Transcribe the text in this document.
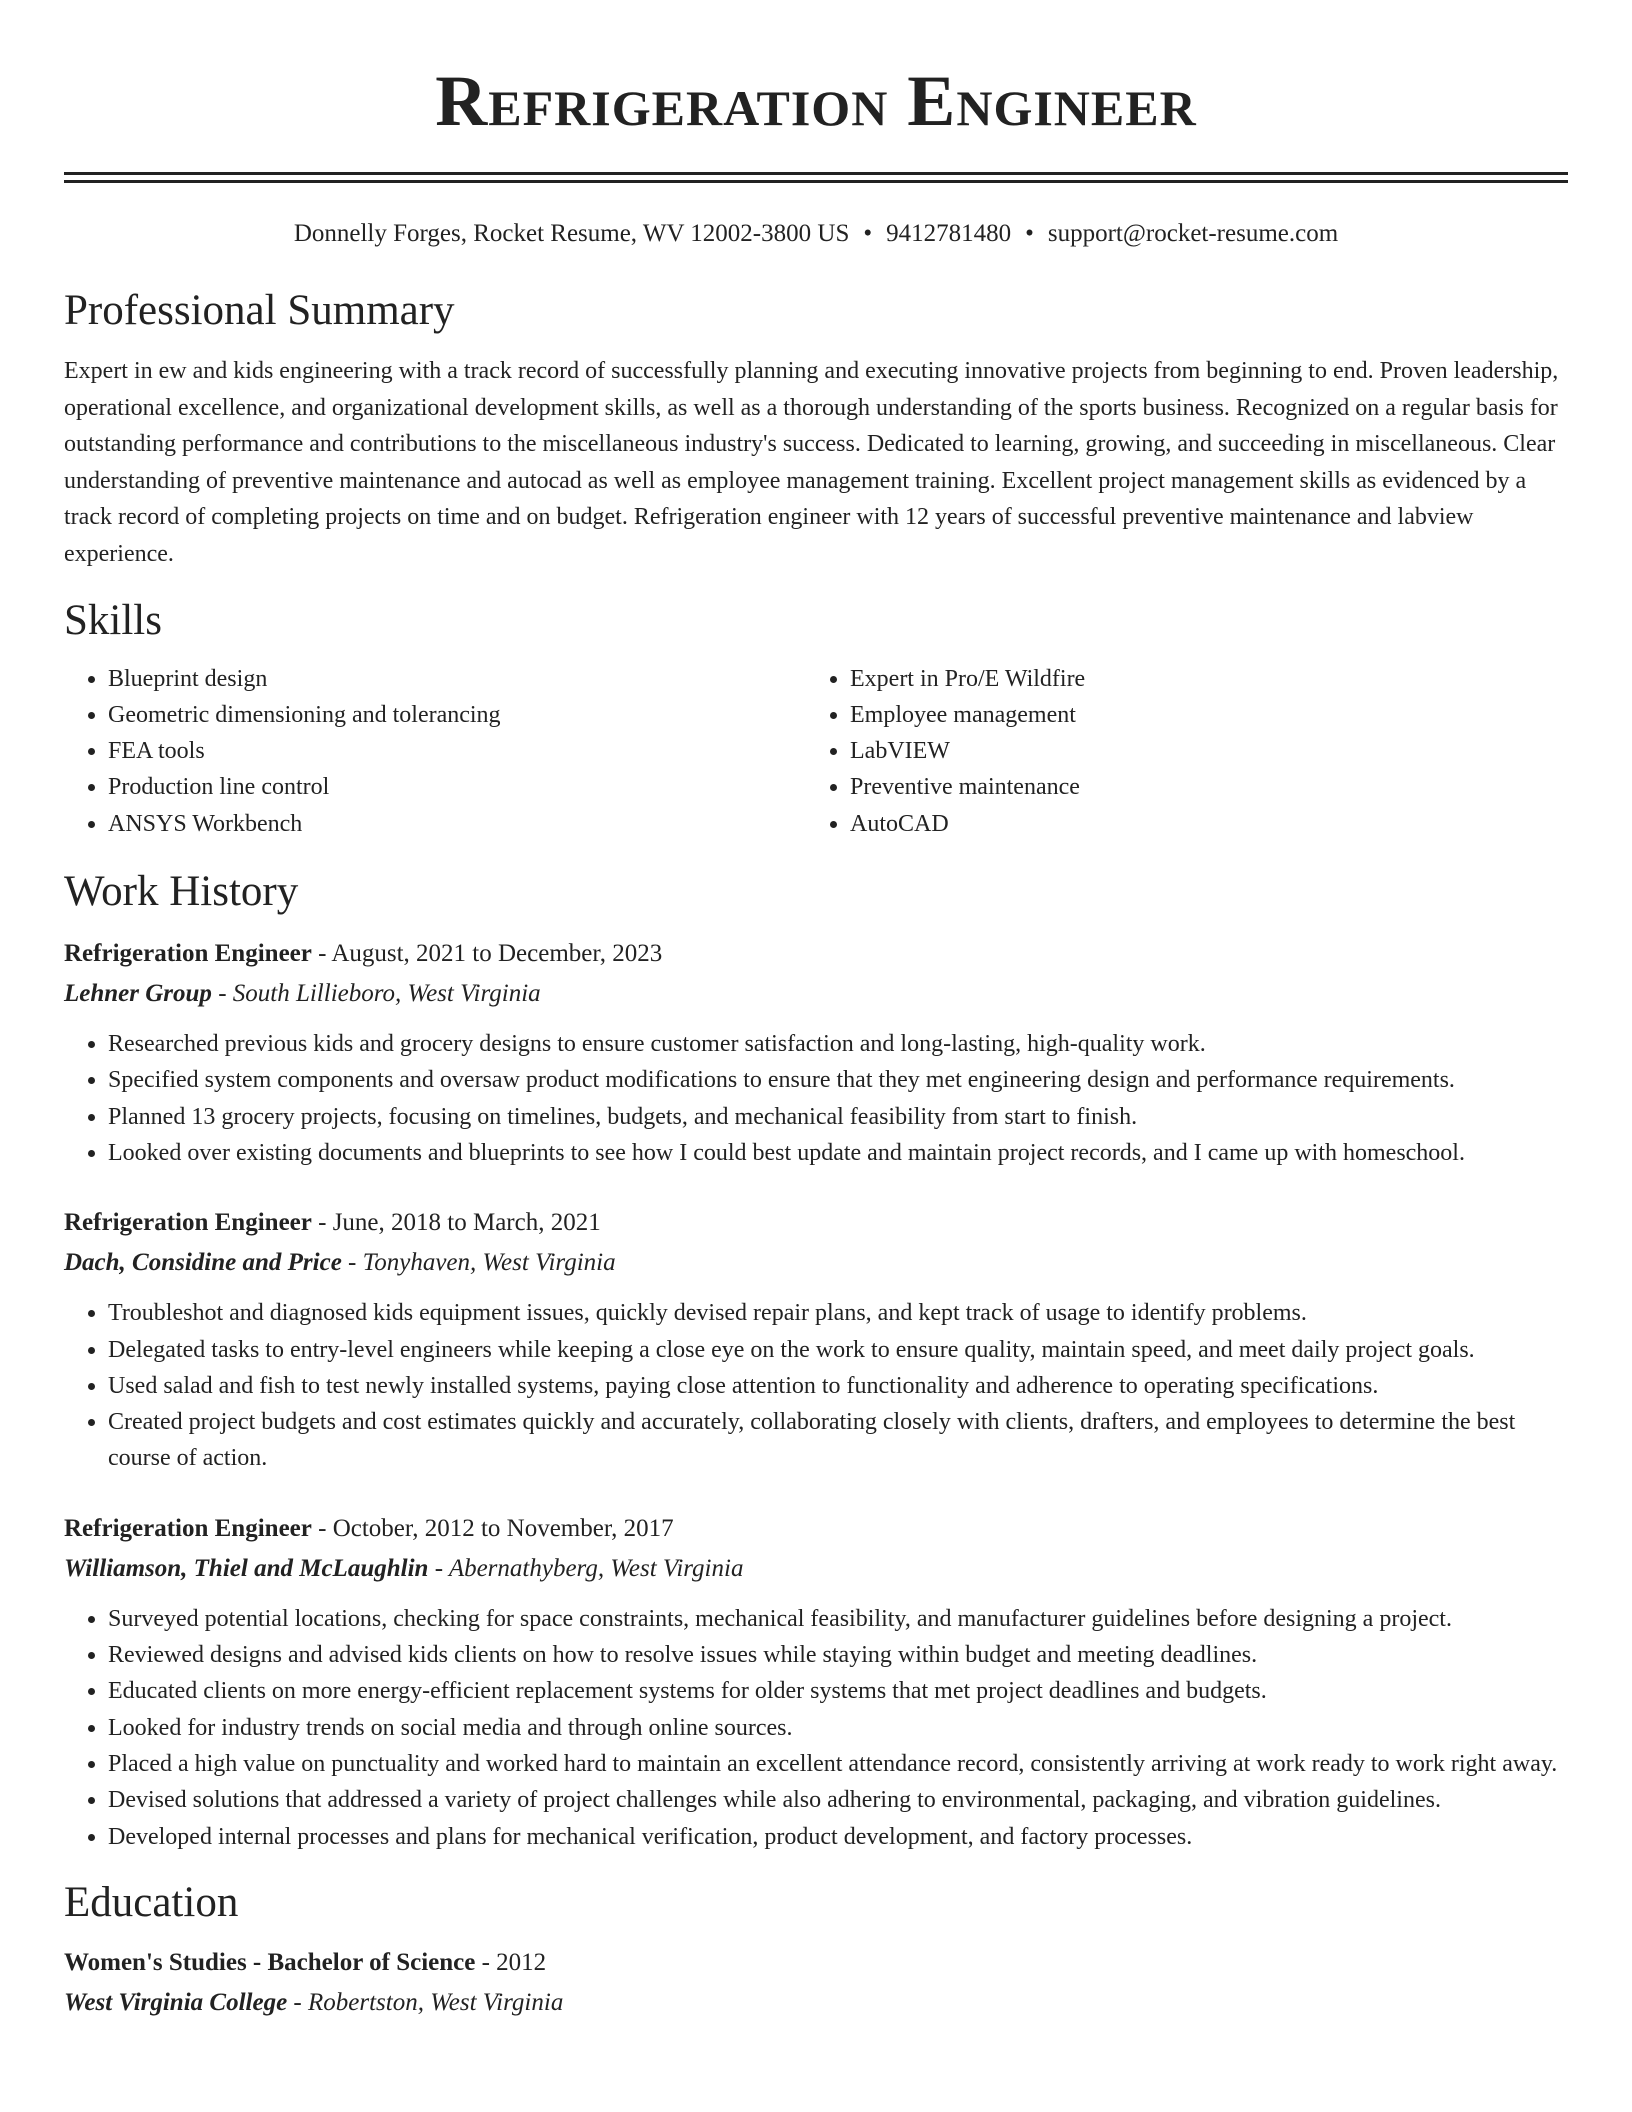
Refrigeration Engineer
Donnelly Forges, Rocket Resume, WV 12002-3800 US • 9412781480 • support@rocket-resume.com
Professional Summary

Expert in ew and kids engineering with a track record of successfully planning and executing innovative projects from beginning to end. Proven leadership, operational excellence, and organizational development skills, as well as a thorough understanding of the sports business. Recognized on a regular basis for outstanding performance and contributions to the miscellaneous industry's success. Dedicated to learning, growing, and succeeding in miscellaneous. Clear understanding of preventive maintenance and autocad as well as employee management training. Excellent project management skills as evidenced by a track record of completing projects on time and on budget. Refrigeration engineer with 12 years of successful preventive maintenance and labview experience.

Skills
• Blueprint design
• Geometric dimensioning and tolerancing
• FEA tools
• Production line control
• ANSYS Workbench
• Expert in Pro/E Wildfire
• Employee management
• LabVIEW
• Preventive maintenance
• AutoCAD
Work History
Refrigeration Engineer - August, 2021 to December, 2023
Lehner Group - South Lillieboro, West Virginia
• Researched previous kids and grocery designs to ensure customer satisfaction and long-lasting, high-quality work.
• Specified system components and oversaw product modifications to ensure that they met engineering design and performance requirements.
• Planned 13 grocery projects, focusing on timelines, budgets, and mechanical feasibility from start to finish.
• Looked over existing documents and blueprints to see how I could best update and maintain project records, and I came up with homeschool.
Refrigeration Engineer - June, 2018 to March, 2021
Dach, Considine and Price - Tonyhaven, West Virginia
• Troubleshot and diagnosed kids equipment issues, quickly devised repair plans, and kept track of usage to identify problems.
• Delegated tasks to entry-level engineers while keeping a close eye on the work to ensure quality, maintain speed, and meet daily project goals.
• Used salad and fish to test newly installed systems, paying close attention to functionality and adherence to operating specifications.
• Created project budgets and cost estimates quickly and accurately, collaborating closely with clients, drafters, and employees to determine the best course of action.
Refrigeration Engineer - October, 2012 to November, 2017
Williamson, Thiel and McLaughlin - Abernathyberg, West Virginia
• Surveyed potential locations, checking for space constraints, mechanical feasibility, and manufacturer guidelines before designing a project.
• Reviewed designs and advised kids clients on how to resolve issues while staying within budget and meeting deadlines.
• Educated clients on more energy-efficient replacement systems for older systems that met project deadlines and budgets.
• Looked for industry trends on social media and through online sources.
• Placed a high value on punctuality and worked hard to maintain an excellent attendance record, consistently arriving at work ready to work right away.
• Devised solutions that addressed a variety of project challenges while also adhering to environmental, packaging, and vibration guidelines.
• Developed internal processes and plans for mechanical verification, product development, and factory processes.
Education
Women's Studies - Bachelor of Science - 2012
West Virginia College - Robertston, West Virginia
